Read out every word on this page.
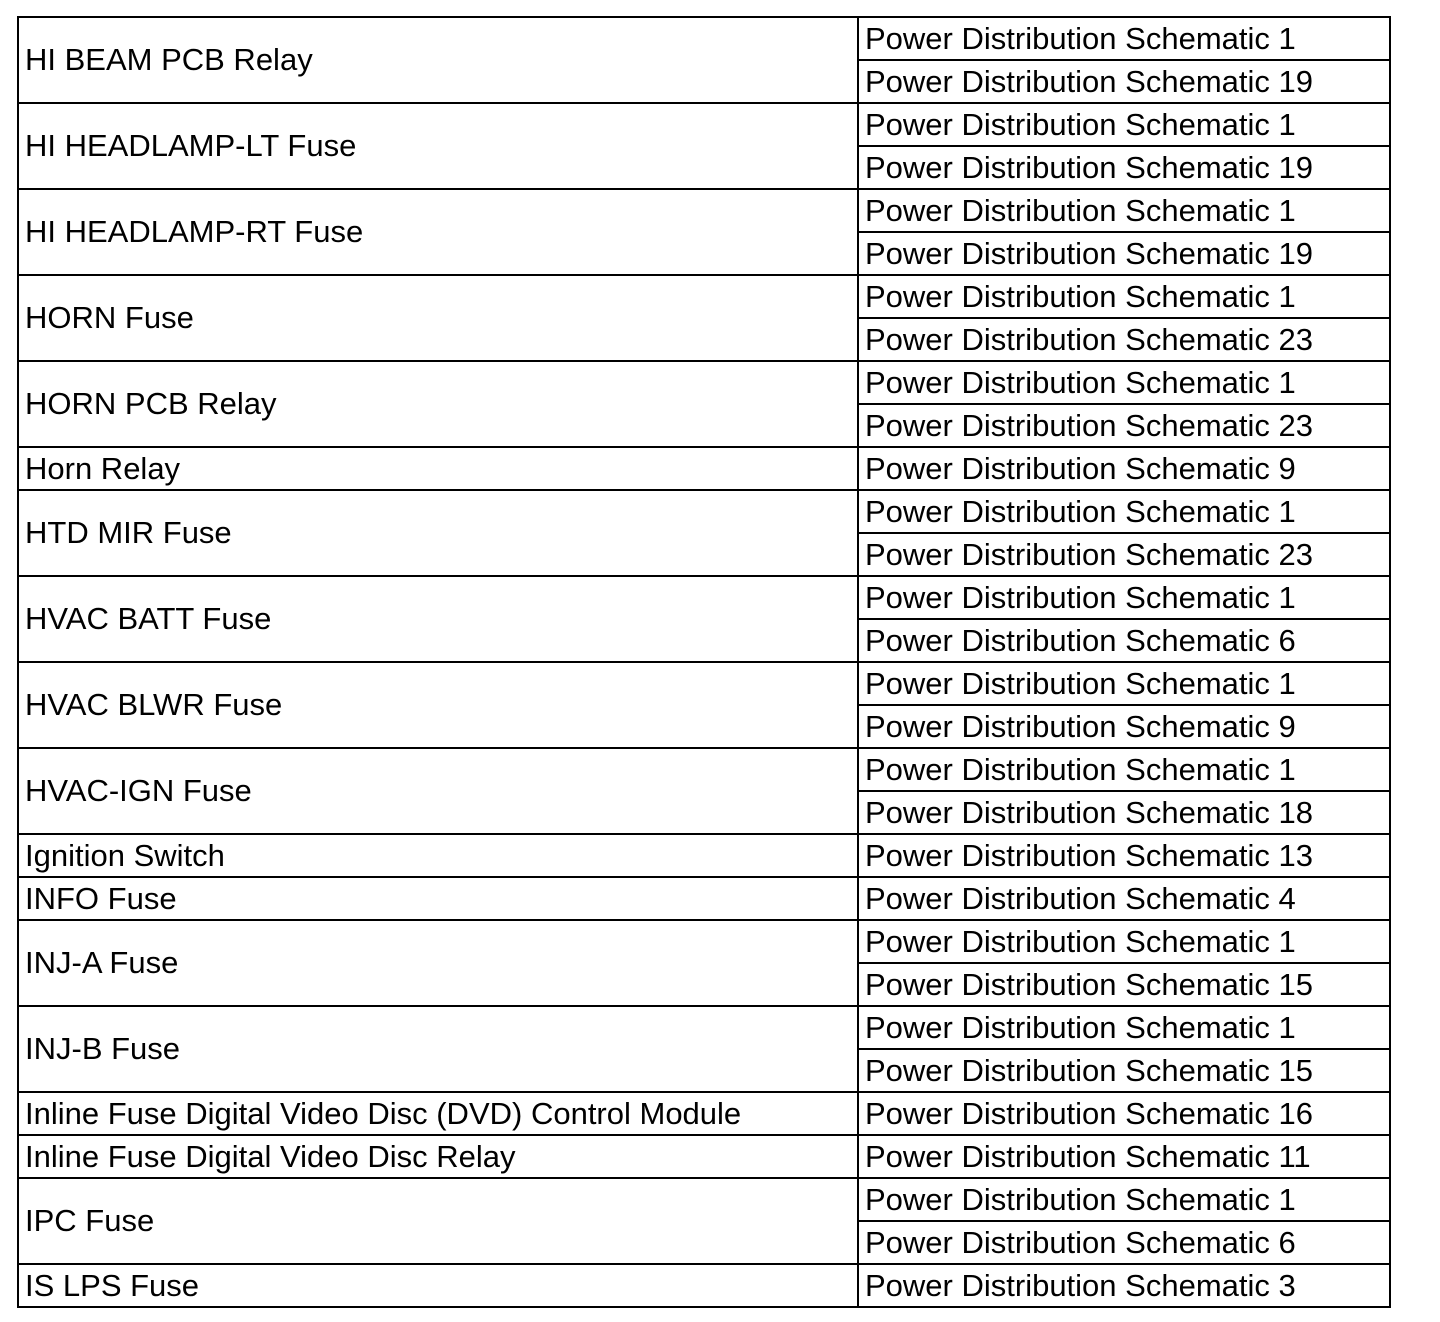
HI BEAM PCB Relay	Power Distribution Schematic 1
	Power Distribution Schematic 19
HI HEADLAMP-LT Fuse	Power Distribution Schematic 1
	Power Distribution Schematic 19
HI HEADLAMP-RT Fuse	Power Distribution Schematic 1
	Power Distribution Schematic 19
HORN Fuse	Power Distribution Schematic 1
	Power Distribution Schematic 23
HORN PCB Relay	Power Distribution Schematic 1
	Power Distribution Schematic 23
Horn Relay	Power Distribution Schematic 9
HTD MIR Fuse	Power Distribution Schematic 1
	Power Distribution Schematic 23
HVAC BATT Fuse	Power Distribution Schematic 1
	Power Distribution Schematic 6
HVAC BLWR Fuse	Power Distribution Schematic 1
	Power Distribution Schematic 9
HVAC-IGN Fuse	Power Distribution Schematic 1
	Power Distribution Schematic 18
Ignition Switch	Power Distribution Schematic 13
INFO Fuse	Power Distribution Schematic 4
INJ-A Fuse	Power Distribution Schematic 1
	Power Distribution Schematic 15
INJ-B Fuse	Power Distribution Schematic 1
	Power Distribution Schematic 15
Inline Fuse Digital Video Disc (DVD) Control Module	Power Distribution Schematic 16
Inline Fuse Digital Video Disc Relay	Power Distribution Schematic 11
IPC Fuse	Power Distribution Schematic 1
	Power Distribution Schematic 6
IS LPS Fuse	Power Distribution Schematic 3
